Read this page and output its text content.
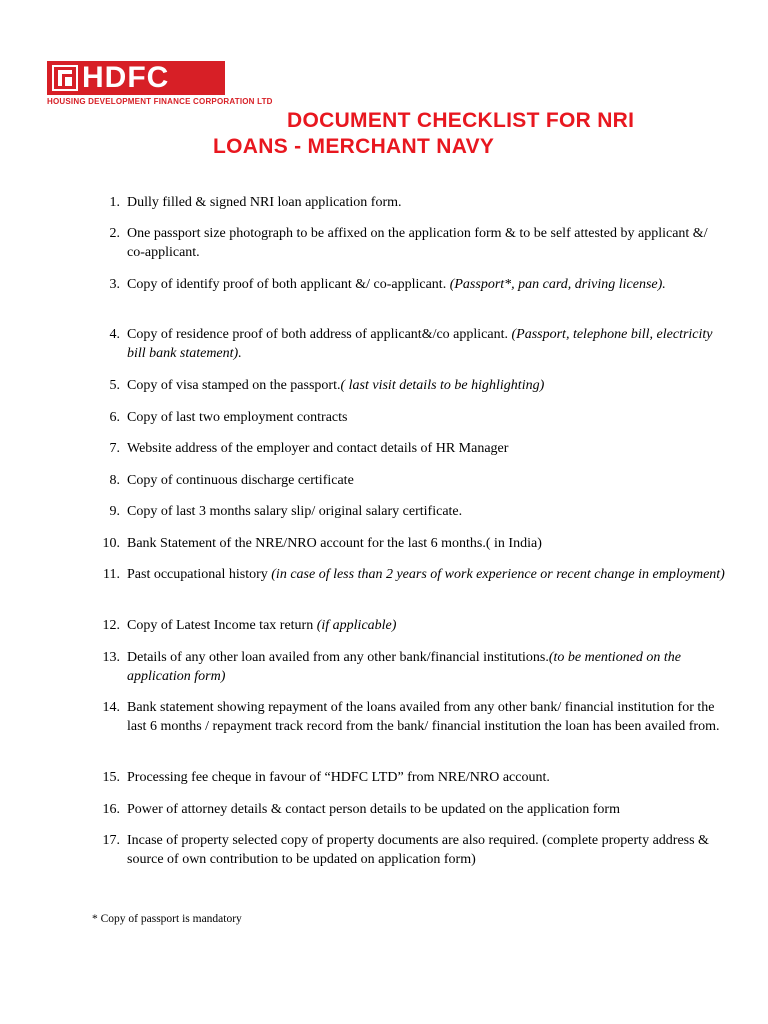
HDFC
HOUSING DEVELOPMENT FINANCE CORPORATION LTD
DOCUMENT CHECKLIST FOR NRI
LOANS - MERCHANT NAVY
1. Dully filled & signed NRI loan application form.
2. One passport size photograph to be affixed on the application form & to be self attested by applicant &/ co-applicant.
3. Copy of identify proof of both applicant &/ co-applicant. (Passport*, pan card, driving license).
4. Copy of residence proof of both address of applicant&/co applicant. (Passport, telephone bill, electricity bill bank statement).
5. Copy of visa stamped on the passport.( last visit details to be highlighting)
6. Copy of last two employment contracts
7. Website address of the employer and contact details of HR Manager
8. Copy of continuous discharge certificate
9. Copy of last 3 months salary slip/ original salary certificate.
10. Bank Statement of the NRE/NRO account for the last 6 months.( in India)
11. Past occupational history (in case of less than 2 years of work experience or recent change in employment)
12. Copy of Latest Income tax return (if applicable)
13. Details of any other loan availed from any other bank/financial institutions.(to be mentioned on the application form)
14. Bank statement showing repayment of the loans availed from any other bank/ financial institution for the last 6 months / repayment track record from the bank/ financial institution the loan has been availed from.
15. Processing fee cheque in favour of “HDFC LTD” from NRE/NRO account.
16. Power of attorney details & contact person details to be updated on the application form
17. Incase of property selected copy of property documents are also required. (complete property address & source of own contribution to be updated on application form)
* Copy of passport is mandatory
